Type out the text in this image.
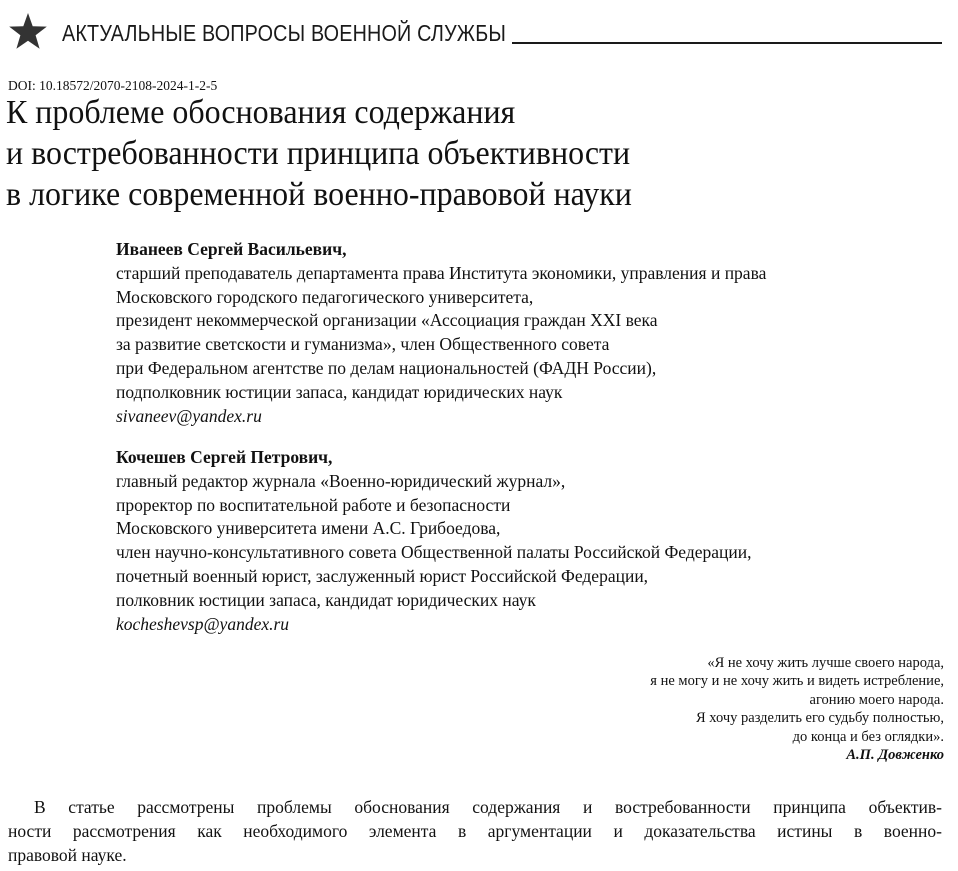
АКТУАЛЬНЫЕ ВОПРОСЫ ВОЕННОЙ СЛУЖБЫ
DOI: 10.18572/2070-2108-2024-1-2-5
К проблеме обоснования содержания
и востребованности принципа объективности
в логике современной военно-правовой науки
Иванеев Сергей Васильевич,
старший преподаватель департамента права Института экономики, управления и права
Московского городского педагогического университета,
президент некоммерческой организации «Ассоциация граждан XXI века
за развитие светскости и гуманизма», член Общественного совета
при Федеральном агентстве по делам национальностей (ФАДН России),
подполковник юстиции запаса, кандидат юридических наук
sivaneev@yandex.ru
Кочешев Сергей Петрович,
главный редактор журнала «Военно-юридический журнал»,
проректор по воспитательной работе и безопасности
Московского университета имени А.С. Грибоедова,
член научно-консультативного совета Общественной палаты Российской Федерации,
почетный военный юрист, заслуженный юрист Российской Федерации,
полковник юстиции запаса, кандидат юридических наук
kocheshevsp@yandex.ru
«Я не хочу жить лучше своего народа,
я не могу и не хочу жить и видеть истребление,
агонию моего народа.
Я хочу разделить его судьбу полностью,
до конца и без оглядки».
А.П. Довженко
В статье рассмотрены проблемы обоснования содержания и востребованности принципа объектив-
ности рассмотрения как необходимого элемента в аргументации и доказательства истины в военно-
правовой науке.
